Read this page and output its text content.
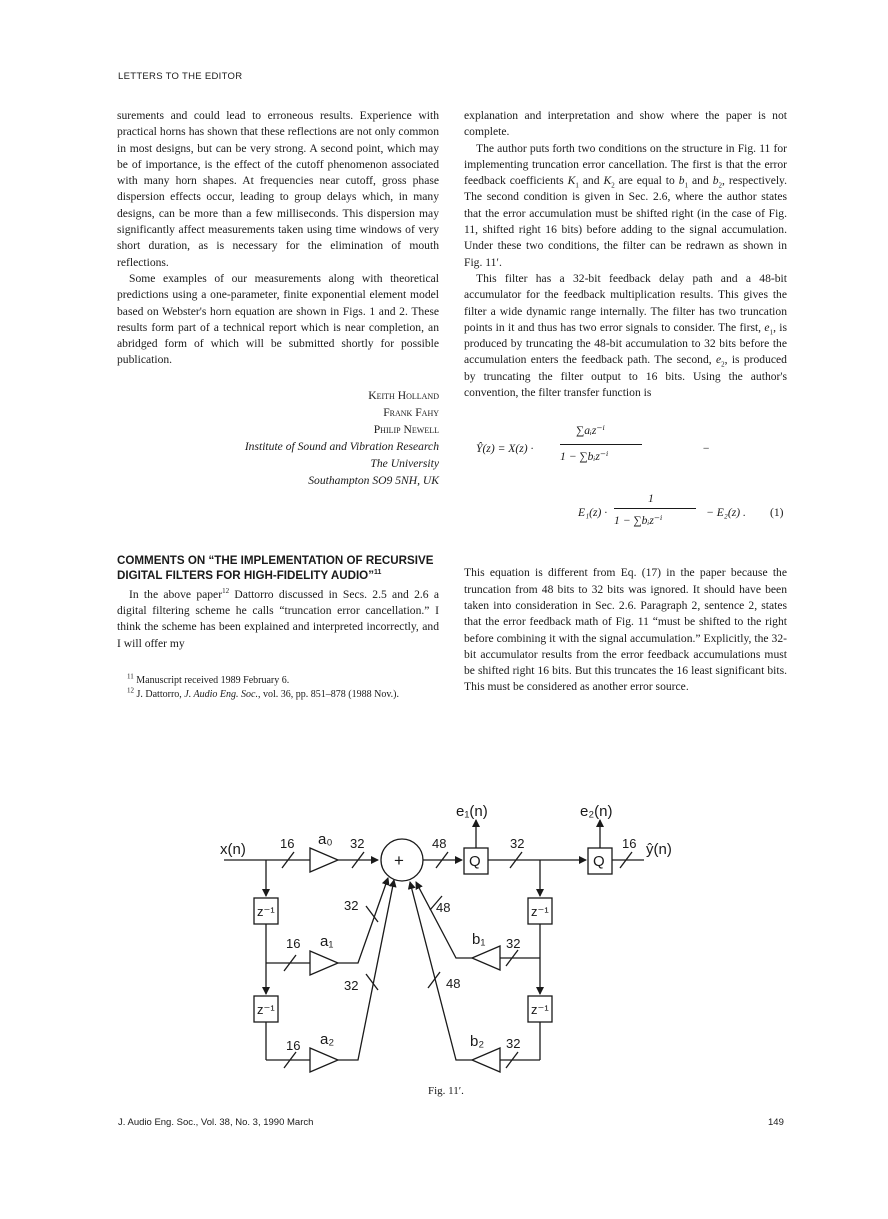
LETTERS TO THE EDITOR

surements and could lead to erroneous results. Experience with practical horns has shown that these reflections are not only common in most designs, but can be very strong. A second point, which may be of importance, is the effect of the cutoff phenomenon associated with many horn shapes. At frequencies near cutoff, gross phase dispersion effects occur, leading to group delays which, in many designs, can be more than a few milliseconds. This dispersion may significantly affect measurements taken using time windows of very short duration, as is necessary for the elimination of mouth reflections.

Some examples of our measurements along with theoretical predictions using a one-parameter, finite exponential element model based on Webster's horn equation are shown in Figs. 1 and 2. These results form part of a technical report which is near completion, an abridged form of which will be submitted shortly for possible publication.

Keith Holland
Frank Fahy
Philip Newell
Institute of Sound and Vibration Research
The University
Southampton SO9 5NH, UK
COMMENTS ON “THE IMPLEMENTATION OF RECURSIVE DIGITAL FILTERS FOR HIGH-FIDELITY AUDIO”$^{11}$

In the above paper$^{12}$ Dattorro discussed in Secs. 2.5 and 2.6 a digital filtering scheme he calls “truncation error cancellation.” I think the scheme has been explained and interpreted incorrectly, and I will offer my

$^{11}$ Manuscript received 1989 February 6.

$^{12}$ J. Dattorro, J. Audio Eng. Soc., vol. 36, pp. 851–878 (1988 Nov.).

explanation and interpretation and show where the paper is not complete.

The author puts forth two conditions on the structure in Fig. 11 for implementing truncation error cancellation. The first is that the error feedback coefficients $K_1$ and $K_2$ are equal to $b_1$ and $b_2$, respectively. The second condition is given in Sec. 2.6, where the author states that the error accumulation must be shifted right (in the case of Fig. 11, shifted right 16 bits) before adding to the signal accumulation. Under these two conditions, the filter can be redrawn as shown in Fig. 11′.

This filter has a 32-bit feedback delay path and a 48-bit accumulator for the feedback multiplication results. This gives the filter a wide dynamic range internally. The filter has two truncation points in it and thus has two error signals to consider. The first, $e_1$, is produced by truncating the 48-bit accumulation to 32 bits before the accumulation enters the feedback path. The second, $e_2$, is produced by truncating the filter output to 16 bits. Using the author's convention, the filter transfer function is

Ŷ(z) = X(z) ·
∑aᵢz⁻ⁱ
1 − ∑bᵢz⁻ⁱ
−
E₁(z) ·
1
1 − ∑bᵢz⁻ⁱ
− E₂(z) . (1)

This equation is different from Eq. (17) in the paper because the truncation from 48 bits to 32 bits was ignored. It should have been taken into consideration in Sec. 2.6. Paragraph 2, sentence 2, states that the error feedback math of Fig. 11 “must be shifted to the right before combining it with the signal accumulation.” Explicitly, the 32-bit accumulator results from the error feedback accumulations must be shifted right 16 bits. But this truncates the 16 least significant bits. This must be considered as another error source.

x(n)	16 a₀ 32
+
48
Q
e₁(n)
32
Q
e₂(n)
16 ŷ(n)
z⁻¹
z⁻¹
z⁻¹
z⁻¹
16 a₁
16 a₂
32
32
48
48
b₁ 32
b₂ 32
Fig. 11′.
J. Audio Eng. Soc., Vol. 38, No. 3, 1990 March	149
